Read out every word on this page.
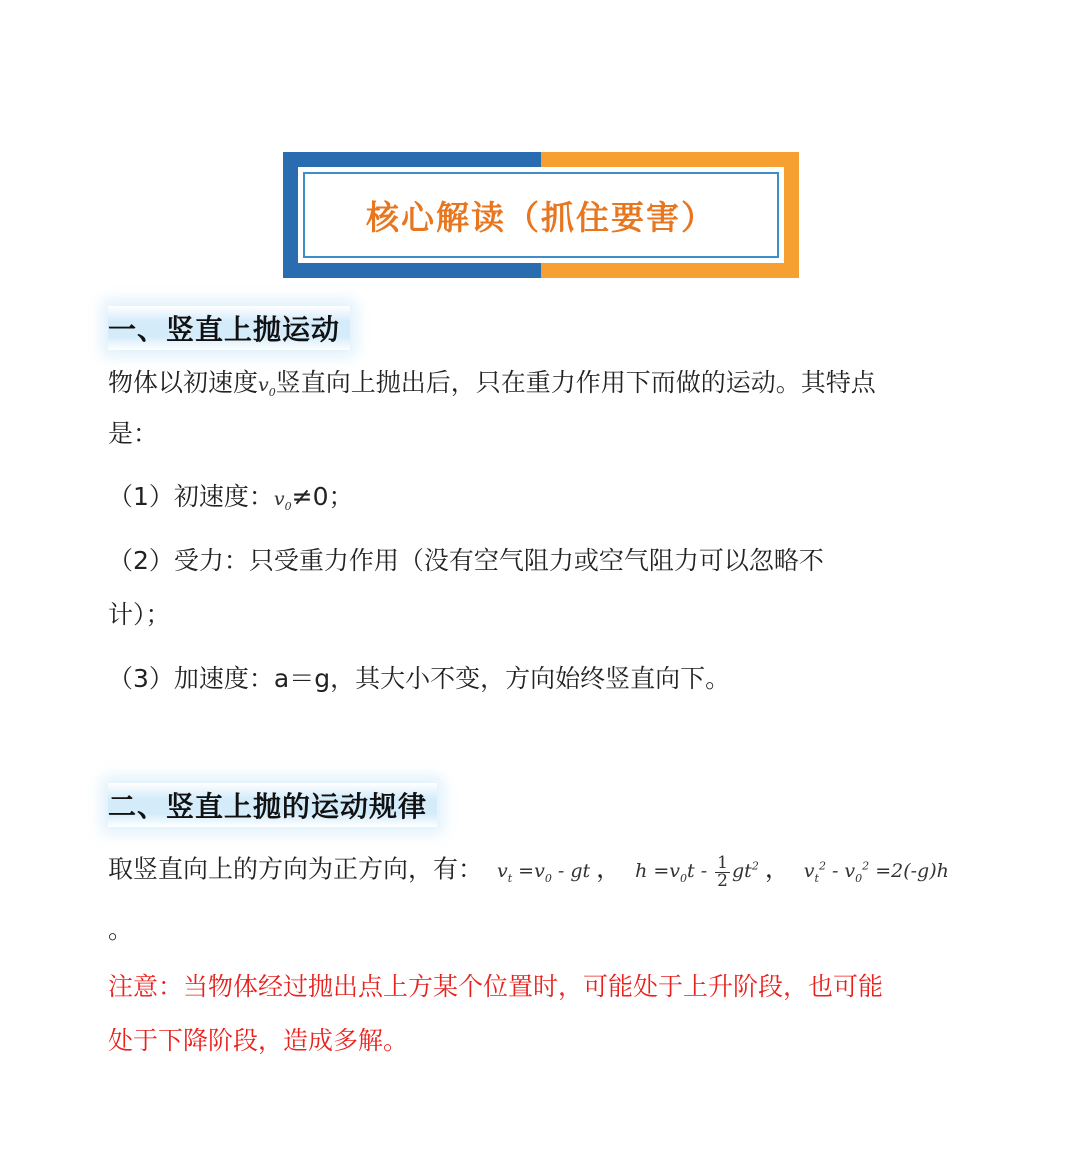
核心解读（抓住要害）
一、竖直上抛运动
物体以初速度$v_0$竖直向上抛出后，只在重力作用下而做的运动。其特点
是：
（1）初速度：$v_0\ne 0$；
（2）受力：只受重力作用（没有空气阻力或空气阻力可以忽略不
计）；
（3）加速度：a＝g，其大小不变，方向始终竖直向下。
二、竖直上抛的运动规律
取竖直向上的方向为正方向，有： $v_t =v_0$ - gt ， $h =v_0t - \frac{1}{2} gt^2$ ， $v_t^2 - v_0^2 =2(-g)h$
。
注意：当物体经过抛出点上方某个位置时，可能处于上升阶段，也可能
处于下降阶段，造成多解。
